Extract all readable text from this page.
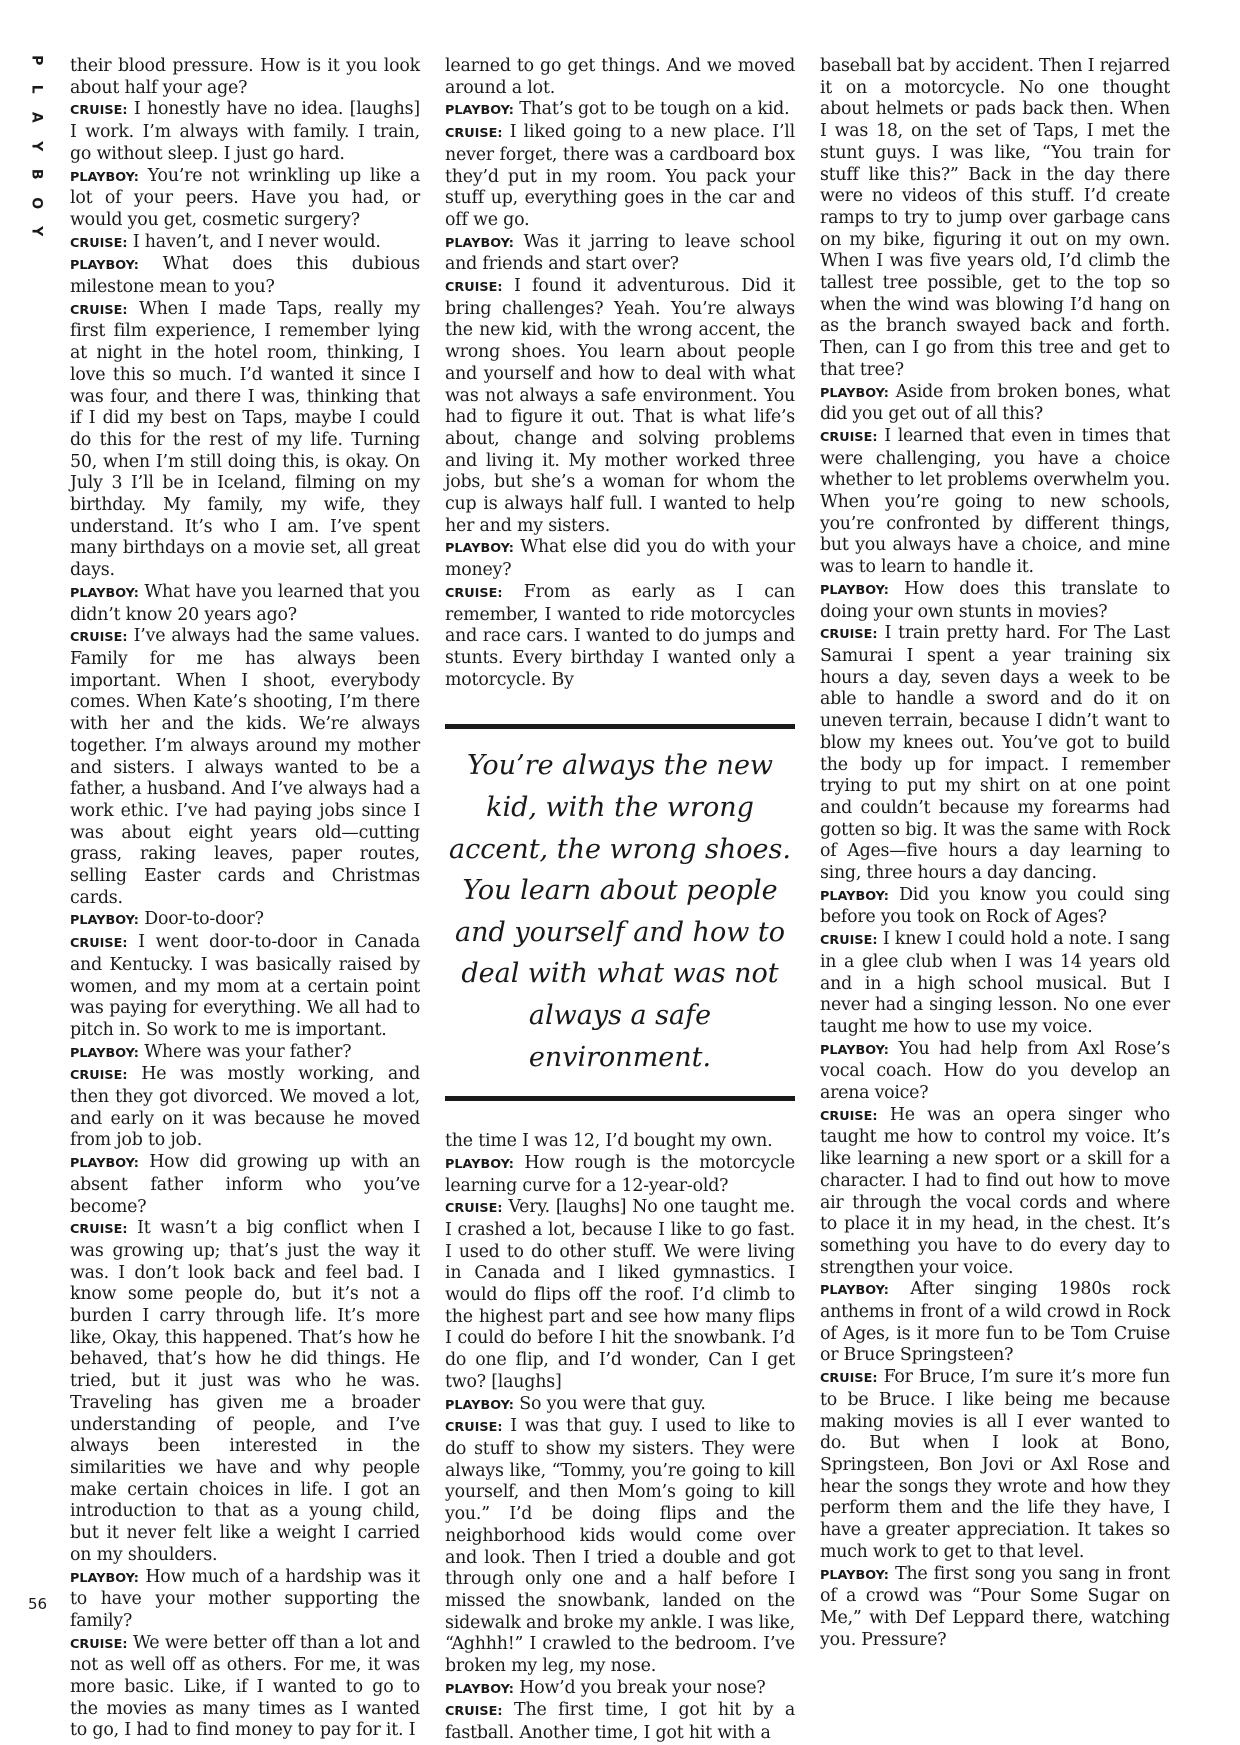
P
L
A
Y
B
O
Y

their blood pressure. How is it you look about half your age?

CRUISE: I honestly have no idea. [laughs] I work. I’m always with family. I train, go without sleep. I just go hard.

PLAYBOY: You’re not wrinkling up like a lot of your peers. Have you had, or would you get, cosmetic surgery?

CRUISE: I haven’t, and I never would.

PLAYBOY: What does this dubious milestone mean to you?

CRUISE: When I made Taps, really my first film experience, I remember lying at night in the hotel room, thinking, I love this so much. I’d wanted it since I was four, and there I was, thinking that if I did my best on Taps, maybe I could do this for the rest of my life. Turning 50, when I’m still doing this, is okay. On July 3 I’ll be in Iceland, filming on my birthday. My family, my wife, they understand. It’s who I am. I’ve spent many birthdays on a movie set, all great days.

PLAYBOY: What have you learned that you didn’t know 20 years ago?

CRUISE: I’ve always had the same values. Family for me has always been important. When I shoot, everybody comes. When Kate’s shooting, I’m there with her and the kids. We’re always together. I’m always around my mother and sisters. I always wanted to be a father, a husband. And I’ve always had a work ethic. I’ve had paying jobs since I was about eight years old—cutting grass, raking leaves, paper routes, selling Easter cards and Christmas cards.

PLAYBOY: Door-to-door?

CRUISE: I went door-to-door in Canada and Kentucky. I was basically raised by women, and my mom at a certain point was paying for everything. We all had to pitch in. So work to me is important.

PLAYBOY: Where was your father?

CRUISE: He was mostly working, and then they got divorced. We moved a lot, and early on it was because he moved from job to job.

PLAYBOY: How did growing up with an absent father inform who you’ve become?

CRUISE: It wasn’t a big conflict when I was growing up; that’s just the way it was. I don’t look back and feel bad. I know some people do, but it’s not a burden I carry through life. It’s more like, Okay, this happened. That’s how he behaved, that’s how he did things. He tried, but it just was who he was. Traveling has given me a broader understanding of people, and I’ve always been interested in the similarities we have and why people make certain choices in life. I got an introduction to that as a young child, but it never felt like a weight I carried on my shoulders.

PLAYBOY: How much of a hardship was it to have your mother supporting the family?

CRUISE: We were better off than a lot and not as well off as others. For me, it was more basic. Like, if I wanted to go to the movies as many times as I wanted to go, I had to find money to pay for it. I

learned to go get things. And we moved around a lot.

PLAYBOY: That’s got to be tough on a kid.

CRUISE: I liked going to a new place. I’ll never forget, there was a cardboard box they’d put in my room. You pack your stuff up, everything goes in the car and off we go.

PLAYBOY: Was it jarring to leave school and friends and start over?

CRUISE: I found it adventurous. Did it bring challenges? Yeah. You’re always the new kid, with the wrong accent, the wrong shoes. You learn about people and yourself and how to deal with what was not always a safe environment. You had to figure it out. That is what life’s about, change and solving problems and living it. My mother worked three jobs, but she’s a woman for whom the cup is always half full. I wanted to help her and my sisters.

PLAYBOY: What else did you do with your money?

CRUISE: From as early as I can remember, I wanted to ride motorcycles and race cars. I wanted to do jumps and stunts. Every birthday I wanted only a motorcycle. By

You’re always the new kid, with the wrong accent, the wrong shoes. You learn about people and yourself and how to deal with what was not always a safe environment.

the time I was 12, I’d bought my own.

PLAYBOY: How rough is the motorcycle learning curve for a 12-year-old?

CRUISE: Very. [laughs] No one taught me. I crashed a lot, because I like to go fast. I used to do other stuff. We were living in Canada and I liked gymnastics. I would do flips off the roof. I’d climb to the highest part and see how many flips I could do before I hit the snowbank. I’d do one flip, and I’d wonder, Can I get two? [laughs]

PLAYBOY: So you were that guy.

CRUISE: I was that guy. I used to like to do stuff to show my sisters. They were always like, “Tommy, you’re going to kill yourself, and then Mom’s going to kill you.” I’d be doing flips and the neighborhood kids would come over and look. Then I tried a double and got through only one and a half before I missed the snowbank, landed on the sidewalk and broke my ankle. I was like, “Aghhh!” I crawled to the bedroom. I’ve broken my leg, my nose.

PLAYBOY: How’d you break your nose?

CRUISE: The first time, I got hit by a fastball. Another time, I got hit with a

baseball bat by accident. Then I rejarred it on a motorcycle. No one thought about helmets or pads back then. When I was 18, on the set of Taps, I met the stunt guys. I was like, “You train for stuff like this?” Back in the day there were no videos of this stuff. I’d create ramps to try to jump over garbage cans on my bike, figuring it out on my own. When I was five years old, I’d climb the tallest tree possible, get to the top so when the wind was blowing I’d hang on as the branch swayed back and forth. Then, can I go from this tree and get to that tree?

PLAYBOY: Aside from broken bones, what did you get out of all this?

CRUISE: I learned that even in times that were challenging, you have a choice whether to let problems overwhelm you. When you’re going to new schools, you’re confronted by different things, but you always have a choice, and mine was to learn to handle it.

PLAYBOY: How does this translate to doing your own stunts in movies?

CRUISE: I train pretty hard. For The Last Samurai I spent a year training six hours a day, seven days a week to be able to handle a sword and do it on uneven terrain, because I didn’t want to blow my knees out. You’ve got to build the body up for impact. I remember trying to put my shirt on at one point and couldn’t because my forearms had gotten so big. It was the same with Rock of Ages—five hours a day learning to sing, three hours a day dancing.

PLAYBOY: Did you know you could sing before you took on Rock of Ages?

CRUISE: I knew I could hold a note. I sang in a glee club when I was 14 years old and in a high school musical. But I never had a singing lesson. No one ever taught me how to use my voice.

PLAYBOY: You had help from Axl Rose’s vocal coach. How do you develop an arena voice?

CRUISE: He was an opera singer who taught me how to control my voice. It’s like learning a new sport or a skill for a character. I had to find out how to move air through the vocal cords and where to place it in my head, in the chest. It’s something you have to do every day to strengthen your voice.

PLAYBOY: After singing 1980s rock anthems in front of a wild crowd in Rock of Ages, is it more fun to be Tom Cruise or Bruce Springsteen?

CRUISE: For Bruce, I’m sure it’s more fun to be Bruce. I like being me because making movies is all I ever wanted to do. But when I look at Bono, Springsteen, Bon Jovi or Axl Rose and hear the songs they wrote and how they perform them and the life they have, I have a greater appreciation. It takes so much work to get to that level.

PLAYBOY: The first song you sang in front of a crowd was “Pour Some Sugar on Me,” with Def Leppard there, watching you. Pressure?

56
